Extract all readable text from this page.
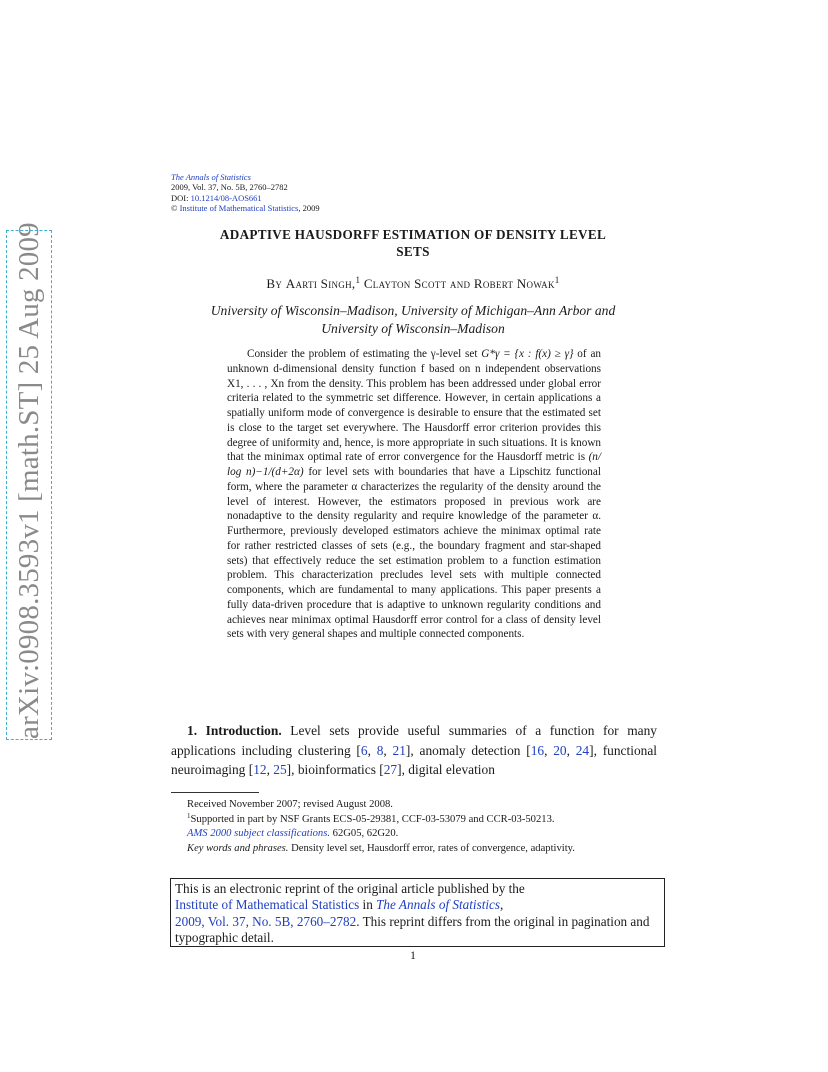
arXiv:0908.3593v1 [math.ST] 25 Aug 2009
The Annals of Statistics
2009, Vol. 37, No. 5B, 2760–2782
DOI: 10.1214/08-AOS661
© Institute of Mathematical Statistics, 2009
ADAPTIVE HAUSDORFF ESTIMATION OF DENSITY LEVEL
SETS
By Aarti Singh,$^1$ Clayton Scott and Robert Nowak$^1$
University of Wisconsin–Madison, University of Michigan–Ann Arbor and
University of Wisconsin–Madison

Consider the problem of estimating the γ-level set G*γ = {x : f(x) ≥ γ} of an unknown d-dimensional density function f based on n independent observations X1, . . . , Xn from the density. This problem has been addressed under global error criteria related to the symmetric set difference. However, in certain applications a spatially uniform mode of convergence is desirable to ensure that the estimated set is close to the target set everywhere. The Hausdorff error criterion provides this degree of uniformity and, hence, is more appropriate in such situations. It is known that the minimax optimal rate of error convergence for the Hausdorff metric is (n/ log n)−1/(d+2α) for level sets with boundaries that have a Lipschitz functional form, where the parameter α characterizes the regularity of the density around the level of interest. However, the estimators proposed in previous work are nonadaptive to the density regularity and require knowledge of the parameter α. Furthermore, previously developed estimators achieve the minimax optimal rate for rather restricted classes of sets (e.g., the boundary fragment and star-shaped sets) that effectively reduce the set estimation problem to a function estimation problem. This characterization precludes level sets with multiple connected components, which are fundamental to many applications. This paper presents a fully data-driven procedure that is adaptive to unknown regularity conditions and achieves near minimax optimal Hausdorff error control for a class of density level sets with very general shapes and multiple connected components.

1. Introduction. Level sets provide useful summaries of a function for many applications including clustering [6, 8, 21], anomaly detection [16, 20, 24], functional neuroimaging [12, 25], bioinformatics [27], digital elevation

Received November 2007; revised August 2008.

$^1$Supported in part by NSF Grants ECS-05-29381, CCF-03-53079 and CCR-03-50213.

AMS 2000 subject classifications. 62G05, 62G20.

Key words and phrases. Density level set, Hausdorff error, rates of convergence, adaptivity.

This is an electronic reprint of the original article published by the
Institute of Mathematical Statistics in The Annals of Statistics,
2009, Vol. 37, No. 5B, 2760–2782. This reprint differs from the original in pagination and typographic detail.
1
